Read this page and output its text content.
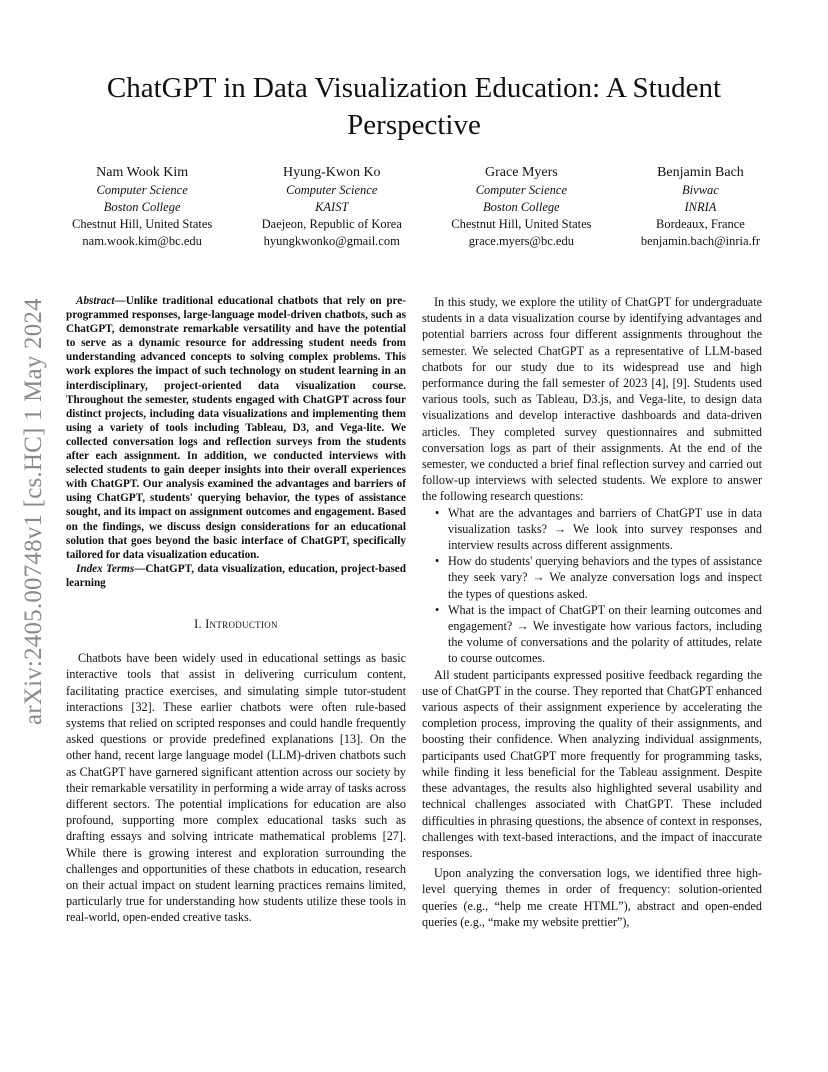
arXiv:2405.00748v1 [cs.HC] 1 May 2024
ChatGPT in Data Visualization Education: A Student Perspective
Nam Wook Kim
Computer Science
Boston College
Chestnut Hill, United States
nam.wook.kim@bc.edu
Hyung-Kwon Ko
Computer Science
KAIST
Daejeon, Republic of Korea
hyungkwonko@gmail.com
Grace Myers
Computer Science
Boston College
Chestnut Hill, United States
grace.myers@bc.edu
Benjamin Bach
Bivwac
INRIA
Bordeaux, France
benjamin.bach@inria.fr

Abstract—Unlike traditional educational chatbots that rely on pre-programmed responses, large-language model-driven chatbots, such as ChatGPT, demonstrate remarkable versatility and have the potential to serve as a dynamic resource for addressing student needs from understanding advanced concepts to solving complex problems. This work explores the impact of such technology on student learning in an interdisciplinary, project-oriented data visualization course. Throughout the semester, students engaged with ChatGPT across four distinct projects, including data visualizations and implementing them using a variety of tools including Tableau, D3, and Vega-lite. We collected conversation logs and reflection surveys from the students after each assignment. In addition, we conducted interviews with selected students to gain deeper insights into their overall experiences with ChatGPT. Our analysis examined the advantages and barriers of using ChatGPT, students' querying behavior, the types of assistance sought, and its impact on assignment outcomes and engagement. Based on the findings, we discuss design considerations for an educational solution that goes beyond the basic interface of ChatGPT, specifically tailored for data visualization education.

Index Terms—ChatGPT, data visualization, education, project-based learning

I. Introduction

Chatbots have been widely used in educational settings as basic interactive tools that assist in delivering curriculum content, facilitating practice exercises, and simulating simple tutor-student interactions [32]. These earlier chatbots were often rule-based systems that relied on scripted responses and could handle frequently asked questions or provide predefined explanations [13]. On the other hand, recent large language model (LLM)-driven chatbots such as ChatGPT have garnered significant attention across our society by their remarkable versatility in performing a wide array of tasks across different sectors. The potential implications for education are also profound, supporting more complex educational tasks such as drafting essays and solving intricate mathematical problems [27]. While there is growing interest and exploration surrounding the challenges and opportunities of these chatbots in education, research on their actual impact on student learning practices remains limited, particularly true for understanding how students utilize these tools in real-world, open-ended creative tasks.

In this study, we explore the utility of ChatGPT for undergraduate students in a data visualization course by identifying advantages and potential barriers across four different assignments throughout the semester. We selected ChatGPT as a representative of LLM-based chatbots for our study due to its widespread use and high performance during the fall semester of 2023 [4], [9]. Students used various tools, such as Tableau, D3.js, and Vega-lite, to design data visualizations and develop interactive dashboards and data-driven articles. They completed survey questionnaires and submitted conversation logs as part of their assignments. At the end of the semester, we conducted a brief final reflection survey and carried out follow-up interviews with selected students. We explore to answer the following research questions:

• What are the advantages and barriers of ChatGPT use in data visualization tasks? → We look into survey responses and interview results across different assignments.
• How do students' querying behaviors and the types of assistance they seek vary? → We analyze conversation logs and inspect the types of questions asked.
• What is the impact of ChatGPT on their learning outcomes and engagement? → We investigate how various factors, including the volume of conversations and the polarity of attitudes, relate to course outcomes.

All student participants expressed positive feedback regarding the use of ChatGPT in the course. They reported that ChatGPT enhanced various aspects of their assignment experience by accelerating the completion process, improving the quality of their assignments, and boosting their confidence. When analyzing individual assignments, participants used ChatGPT more frequently for programming tasks, while finding it less beneficial for the Tableau assignment. Despite these advantages, the results also highlighted several usability and technical challenges associated with ChatGPT. These included difficulties in phrasing questions, the absence of context in responses, challenges with text-based interactions, and the impact of inaccurate responses.

Upon analyzing the conversation logs, we identified three high-level querying themes in order of frequency: solution-oriented queries (e.g., “help me create HTML”), abstract and open-ended queries (e.g., “make my website prettier”),
